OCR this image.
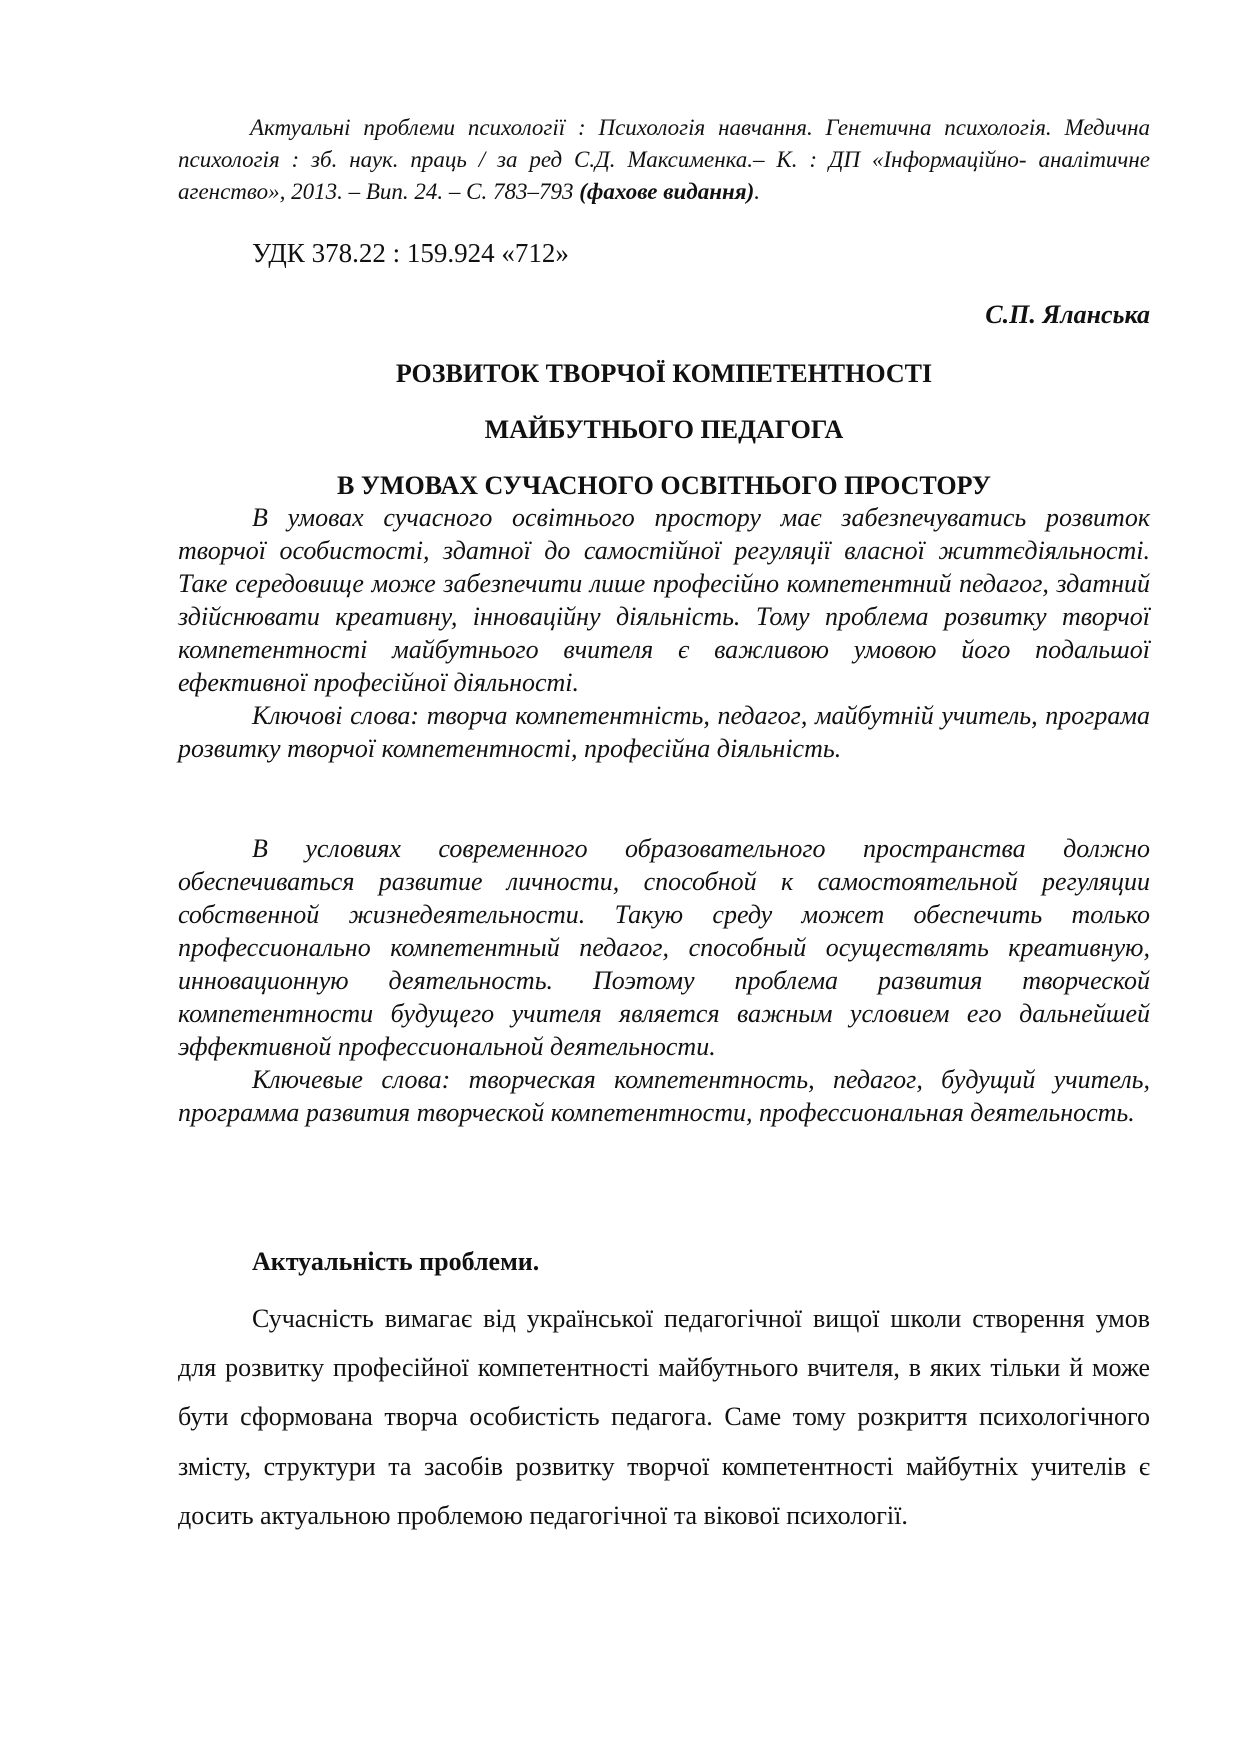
Актуальні проблеми психології : Психологія навчання. Генетична психологія. Медична психологія : зб. наук. праць / за ред С.Д. Максименка.– К. : ДП «Інформаційно- аналітичне агенство», 2013. – Вип. 24. – С. 783–793 (фахове видання).
УДК 378.22 : 159.924 «712»
С.П. Яланська
РОЗВИТОК ТВОРЧОЇ КОМПЕТЕНТНОСТІ
МАЙБУТНЬОГО ПЕДАГОГА
В УМОВАХ СУЧАСНОГО ОСВІТНЬОГО ПРОСТОРУ

В умовах сучасного освітнього простору має забезпечуватись розвиток творчої особистості, здатної до самостійної регуляції власної життєдіяльності. Таке середовище може забезпечити лише професійно компетентний педагог, здатний здійснювати креативну, інноваційну діяльність. Тому проблема розвитку творчої компетентності майбутнього вчителя є важливою умовою його подальшої ефективної професійної діяльності.

Ключові слова: творча компетентність, педагог, майбутній учитель, програма розвитку творчої компетентності, професійна діяльність.

В условиях современного образовательного пространства должно обеспечиваться развитие личности, способной к самостоятельной регуляции собственной жизнедеятельности. Такую среду может обеспечить только профессионально компетентный педагог, способный осуществлять креативную, инновационную деятельность. Поэтому проблема развития творческой компетентности будущего учителя является важным условием его дальнейшей эффективной профессиональной деятельности.

Ключевые слова: творческая компетентность, педагог, будущий учитель, программа развития творческой компетентности, профессиональная деятельность.

Актуальність проблеми.
Сучасність вимагає від української педагогічної вищої школи створення умов для розвитку професійної компетентності майбутнього вчителя, в яких тільки й може бути сформована творча особистість педагога. Саме тому розкриття психологічного змісту, структури та засобів розвитку творчої компетентності майбутніх учителів є досить актуальною проблемою педагогічної та вікової психології.
